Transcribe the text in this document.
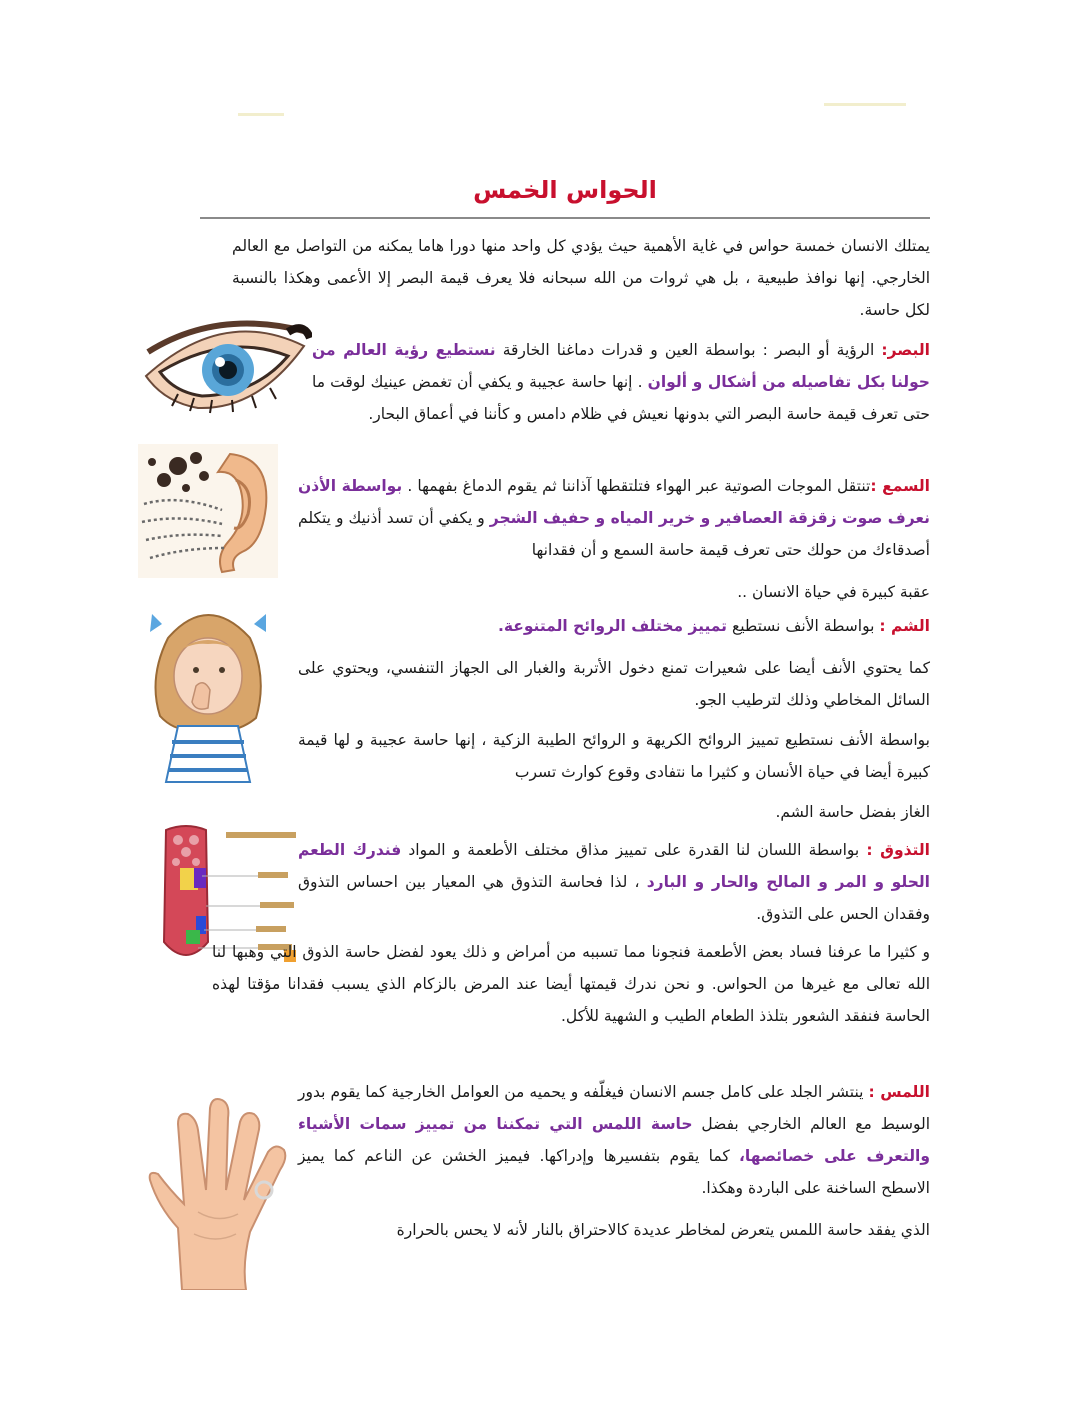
الحواس الخمس

يمتلك الانسان خمسة حواس في غاية الأهمية حيث يؤدي كل واحد منها دورا هاما يمكنه من التواصل مع العالم الخارجي. إنها نوافذ طبيعية ، بل هي ثروات من الله سبحانه فلا يعرف قيمة البصر إلا الأعمى وهكذا بالنسبة لكل حاسة.

البصر: الرؤية أو البصر : بواسطة العين و قدرات دماغنا الخارقة نستطيع رؤية العالم من حولنا بكل تفاصيله من أشكال و ألوان . إنها حاسة عجيبة و يكفي أن تغمض عينيك لوقت ما حتى تعرف قيمة حاسة البصر التي بدونها نعيش في ظلام دامس و كأننا في أعماق البحار.

السمع :تنتقل الموجات الصوتية عبر الهواء فتلتقطها آذاننا ثم يقوم الدماغ بفهمها . بواسطة الأذن نعرف صوت زقزقة العصافير و خرير المياه و حفيف الشجر و يكفي أن تسد أذنيك و يتكلم أصدقاءك من حولك حتى تعرف قيمة حاسة السمع و أن فقدانها

عقبة كبيرة في حياة الانسان ..

الشم : بواسطة الأنف نستطيع تمييز مختلف الروائح المتنوعة.

كما يحتوي الأنف أيضا على شعيرات تمنع دخول الأتربة والغبار الى الجهاز التنفسي، ويحتوي على السائل المخاطي وذلك لترطيب الجو.

بواسطة الأنف نستطيع تمييز الروائح الكريهة و الروائح الطيبة الزكية ، إنها حاسة عجيبة و لها قيمة كبيرة أيضا في حياة الأنسان و كثيرا ما نتفادى وقوع كوارث تسرب

الغاز بفضل حاسة الشم.

التذوق : بواسطة اللسان لنا القدرة على تمييز مذاق مختلف الأطعمة و المواد فندرك الطعم الحلو و المر و المالح والحار و البارد ، لذا فحاسة التذوق هي المعيار بين احساس التذوق وفقدان الحس على التذوق.

و كثيرا ما عرفنا فساد بعض الأطعمة فنجونا مما تسببه من أمراض و ذلك يعود لفضل حاسة الذوق التي وهبها لنا الله تعالى مع غيرها من الحواس. و نحن ندرك قيمتها أيضا عند المرض بالزكام الذي يسبب فقدانا مؤقتا لهذه الحاسة فنفقد الشعور بتلذذ الطعام الطيب و الشهية للأكل.

اللمس : ينتشر الجلد على كامل جسم الانسان فيغلّفه و يحميه من العوامل الخارجية كما يقوم بدور الوسيط مع العالم الخارجي بفضل حاسة اللمس التي تمكننا من تمييز سمات الأشياء والتعرف على خصائصها، كما يقوم بتفسيرها وإدراكها. فيميز الخشن عن الناعم كما يميز الاسطح الساخنة على الباردة وهكذا.

الذي يفقد حاسة اللمس يتعرض لمخاطر عديدة كالاحتراق بالنار لأنه لا يحس بالحرارة
